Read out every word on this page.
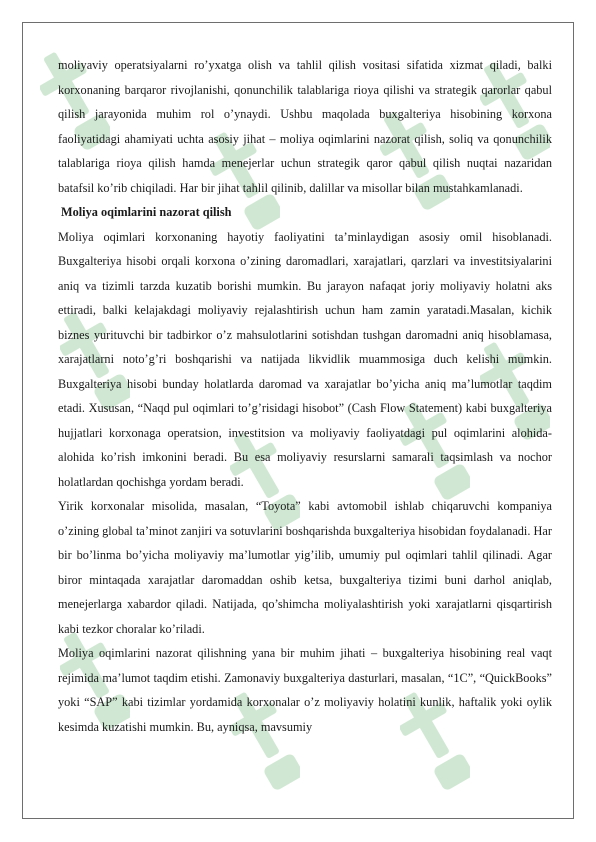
moliyaviy operatsiyalarni ro’yxatga olish va tahlil qilish vositasi sifatida xizmat qiladi, balki korxonaning barqaror rivojlanishi, qonunchilik talablariga rioya qilishi va strategik qarorlar qabul qilish jarayonida muhim rol o’ynaydi. Ushbu maqolada buxgalteriya hisobining korxona faoliyatidagi ahamiyati uchta asosiy jihat – moliya oqimlarini nazorat qilish, soliq va qonunchilik talablariga rioya qilish hamda menejerlar uchun strategik qaror qabul qilish nuqtai nazaridan batafsil ko’rib chiqiladi. Har bir jihat tahlil qilinib, dalillar va misollar bilan mustahkamlanadi.

Moliya oqimlarini nazorat qilish

Moliya oqimlari korxonaning hayotiy faoliyatini ta’minlaydigan asosiy omil hisoblanadi. Buxgalteriya hisobi orqali korxona o’zining daromadlari, xarajatlari, qarzlari va investitsiyalarini aniq va tizimli tarzda kuzatib borishi mumkin. Bu jarayon nafaqat joriy moliyaviy holatni aks ettiradi, balki kelajakdagi moliyaviy rejalashtirish uchun ham zamin yaratadi.Masalan, kichik biznes yurituvchi bir tadbirkor o’z mahsulotlarini sotishdan tushgan daromadni aniq hisoblamasa, xarajatlarni noto’g’ri boshqarishi va natijada likvidlik muammosiga duch kelishi mumkin. Buxgalteriya hisobi bunday holatlarda daromad va xarajatlar bo’yicha aniq ma’lumotlar taqdim etadi. Xususan, “Naqd pul oqimlari to’g’risidagi hisobot” (Cash Flow Statement) kabi buxgalteriya hujjatlari korxonaga operatsion, investitsion va moliyaviy faoliyatdagi pul oqimlarini alohida-alohida ko’rish imkonini beradi. Bu esa moliyaviy resurslarni samarali taqsimlash va nochor holatlardan qochishga yordam beradi.

Yirik korxonalar misolida, masalan, “Toyota” kabi avtomobil ishlab chiqaruvchi kompaniya o’zining global ta’minot zanjiri va sotuvlarini boshqarishda buxgalteriya hisobidan foydalanadi. Har bir bo’linma bo’yicha moliyaviy ma’lumotlar yig’ilib, umumiy pul oqimlari tahlil qilinadi. Agar biror mintaqada xarajatlar daromaddan oshib ketsa, buxgalteriya tizimi buni darhol aniqlab, menejerlarga xabardor qiladi. Natijada, qo’shimcha moliyalashtirish yoki xarajatlarni qisqartirish kabi tezkor choralar ko’riladi.

Moliya oqimlarini nazorat qilishning yana bir muhim jihati – buxgalteriya hisobining real vaqt rejimida ma’lumot taqdim etishi. Zamonaviy buxgalteriya dasturlari, masalan, “1C”, “QuickBooks” yoki “SAP” kabi tizimlar yordamida korxonalar o’z moliyaviy holatini kunlik, haftalik yoki oylik kesimda kuzatishi mumkin. Bu, ayniqsa, mavsumiy
